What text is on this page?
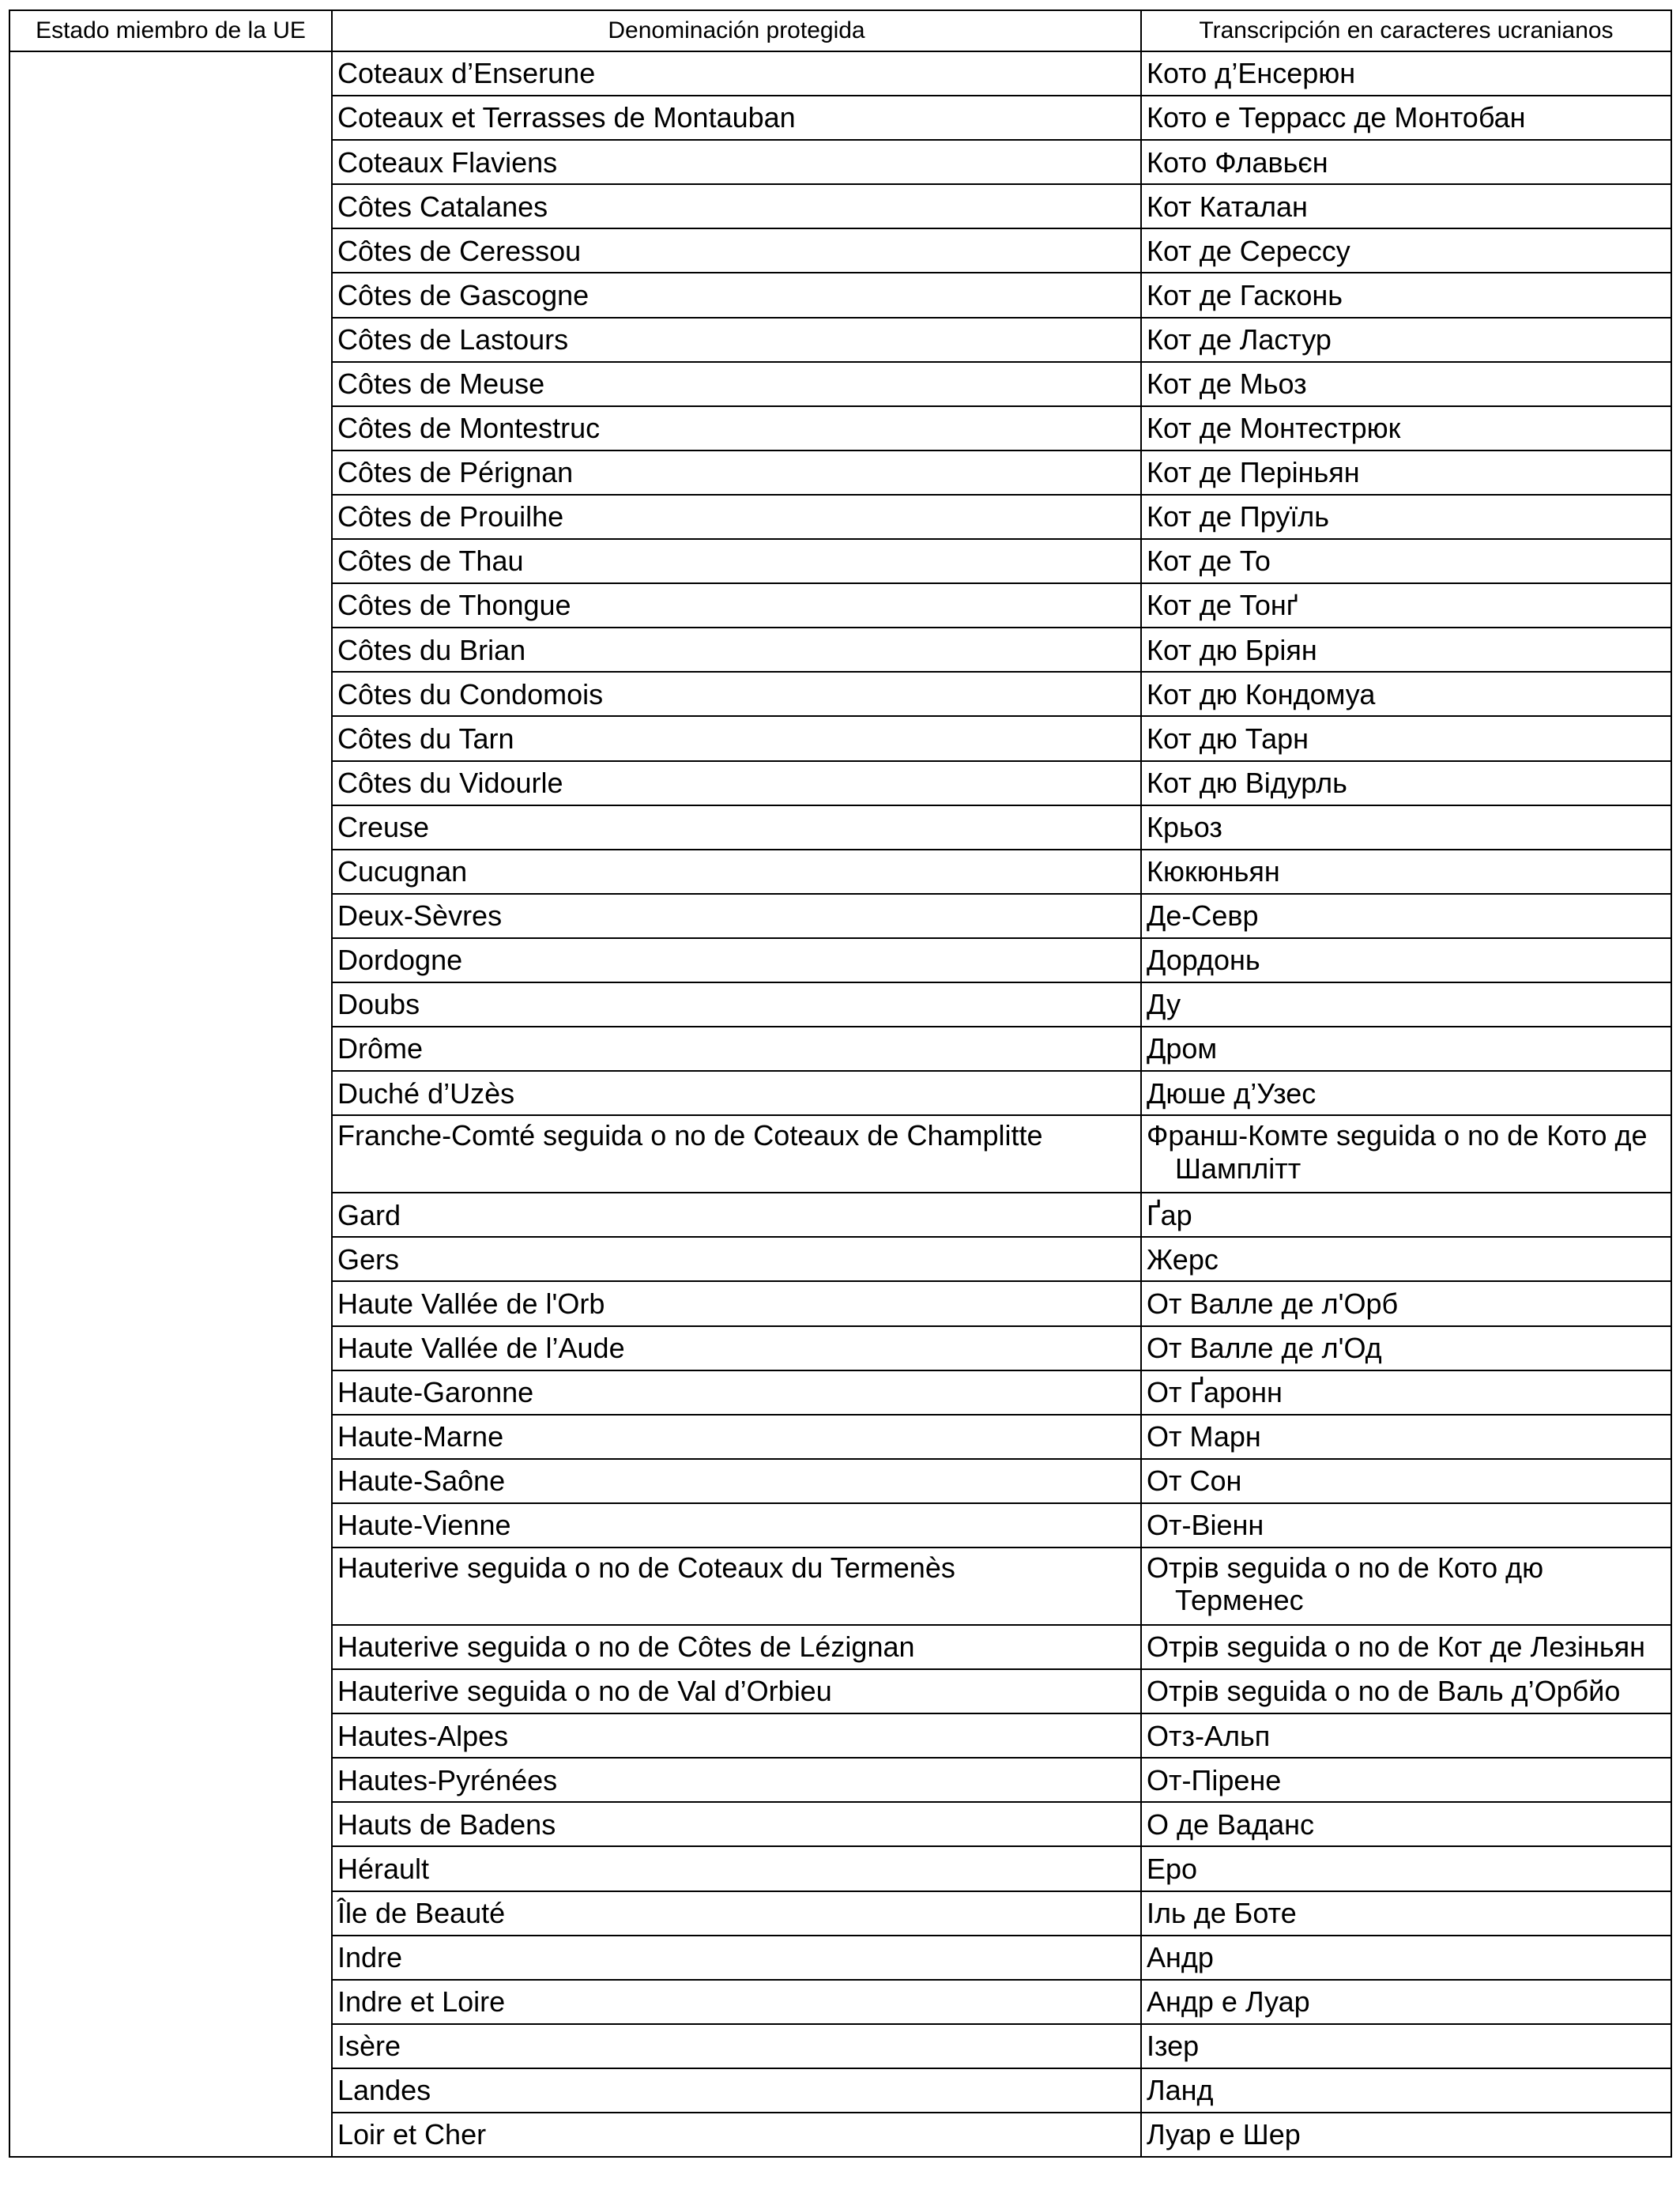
Estado miembro de la UE	Denominación protegida	Transcripción en caracteres ucranianos
	Coteaux d’Enserune	Кото д’Енсерюн
	Coteaux et Terrasses de Montauban	Кото е Террасс де Монтобан
	Coteaux Flaviens	Кото Флавьєн
	Côtes Catalanes	Кот Каталан
	Côtes de Ceressou	Кот де Сересcу
	Côtes de Gascogne	Кот де Гасконь
	Côtes de Lastours	Кот де Ластур
	Côtes de Meuse	Кот де Мьоз
	Côtes de Montestruc	Кот де Монтестрюк
	Côtes de Pérignan	Кот де Періньян
	Côtes de Prouilhe	Кот де Пруїль
	Côtes de Thau	Кот де То
	Côtes de Thongue	Кот де Тонґ
	Côtes du Brian	Кот дю Брiян
	Côtes du Condomois	Кот дю Кондомуа
	Côtes du Tarn	Кот дю Тарн
	Côtes du Vidourle	Кот дю Відурль
	Creuse	Крьоз
	Cucugnan	Кюкюньян
	Deux-Sèvres	Де-Севр
	Dordogne	Дордонь
	Doubs	Ду
	Drôme	Дром
	Duché d’Uzès	Дюше д’Узес
	Franche-Comté seguida o no de Coteaux de Champlitte	Франш-Комте seguida o no de Кото де Шамплiтт
	Gard	Ґар
	Gers	Жерс
	Haute Vallée de l'Orb	От Валле де л'Орб
	Haute Vallée de l’Aude	От Валле де л'Од
	Haute-Garonne	От Ґаронн
	Haute-Marne	От Марн
	Haute-Saône	От Сон
	Haute-Vienne	От-Вiенн
	Hauterive seguida o no de Coteaux du Termenès	Отрiв seguida o no de Кото дю Терменес
	Hauterive seguida o no de Côtes de Lézignan	Отрiв seguida o no de Кот де Лезiньян
	Hauterive seguida o no de Val d’Orbieu	Отрiв seguida o no de Валь д’Орбйо
	Hautes-Alpes	Отз-Альп
	Hautes-Pyrénées	От-Пiрене
	Hauts de Badens	О де Ваданс
	Hérault	Еро
	Île de Beauté	Iль де Боте
	Indre	Андр
	Indre et Loire	Андр е Луар
	Isère	Iзер
	Landes	Ланд
	Loir et Cher	Луар е Шер
